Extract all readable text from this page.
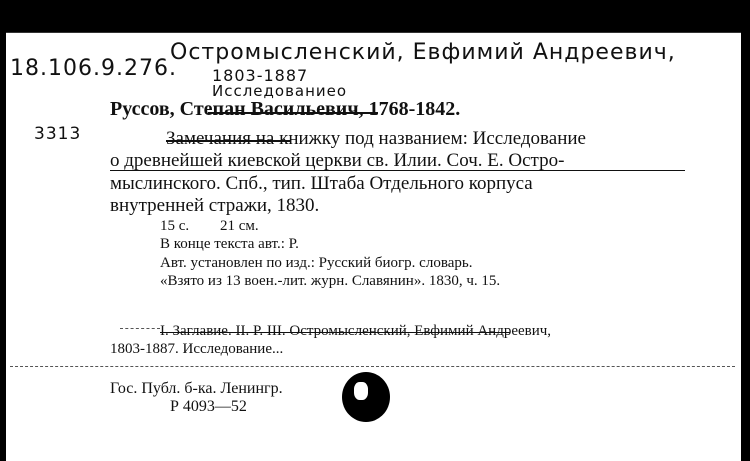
18.106.9.276.
Остромысленский, Евфимий Андреевич,
1803-1887
Исследованиео
3313
Руссов, Степан Васильевич, 1768-1842.
Замечания на книжку под названием: Исследование
о древнейшей киевской церкви св. Илии. Соч. Е. Остро-
мыслинского. Спб., тип. Штаба Отдельного корпуса
внутренней стражи, 1830.
15 с. 21 см.
В конце текста авт.: Р.
Авт. установлен по изд.: Русский биогр. словарь.
«Взято из 13 воен.-лит. журн. Славянин». 1830, ч. 15.
I. Заглавие. II. Р. III. Остромысленский, Евфимий Андреевич,
1803-1887. Исследование...
Гос. Публ. б-ка. Ленингр.
Р 4093—52
